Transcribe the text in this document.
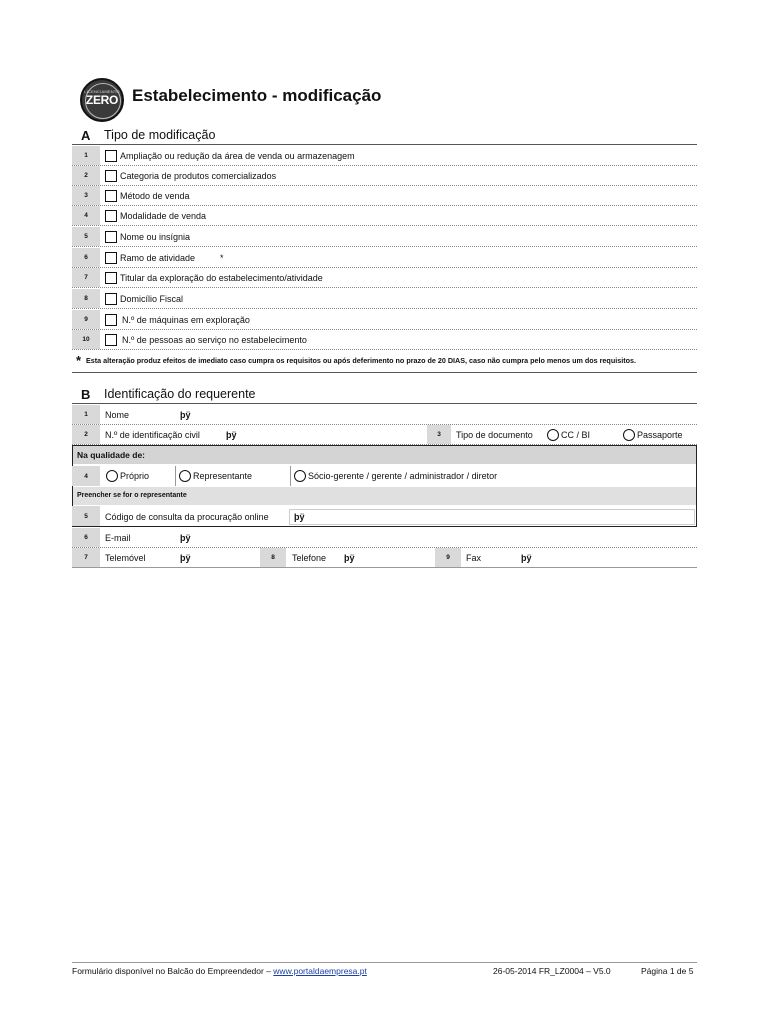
LICENCIAMENTO
ZERO Estabelecimento - modificação
A Tipo de modificação
1	Ampliação ou redução da área de venda ou armazenagem
2	Categoria de produtos comercializados
3	Método de venda
4	Modalidade de venda
5	Nome ou insígnia
6	Ramo de atividade	*
7	Titular da exploração do estabelecimento/atividade
8	Domicílio Fiscal
9	N.º de máquinas em exploração
10	N.º de pessoas ao serviço no estabelecimento
* Esta alteração produz efeitos de imediato caso cumpra os requisitos ou após deferimento no prazo de 20 DIAS, caso não cumpra pelo menos um dos requisitos.
B Identificação do requerente
1	Nome	þÿ
2	N.º de identificação civil	þÿ	3	Tipo de documento	CC / BI	Passaporte
Na qualidade de:
4	Próprio	Representante	Sócio-gerente / gerente / administrador / diretor
Preencher se for o representante
5	Código de consulta da procuração online	þÿ
6	E-mail	þÿ
7	Telemóvel	þÿ	8	Telefone þÿ	9	Fax	þÿ
Formulário disponível no Balcão do Empreendedor – www.portaldaempresa.pt	26-05-2014 FR_LZ0004 – V5.0	Página 1 de 5
